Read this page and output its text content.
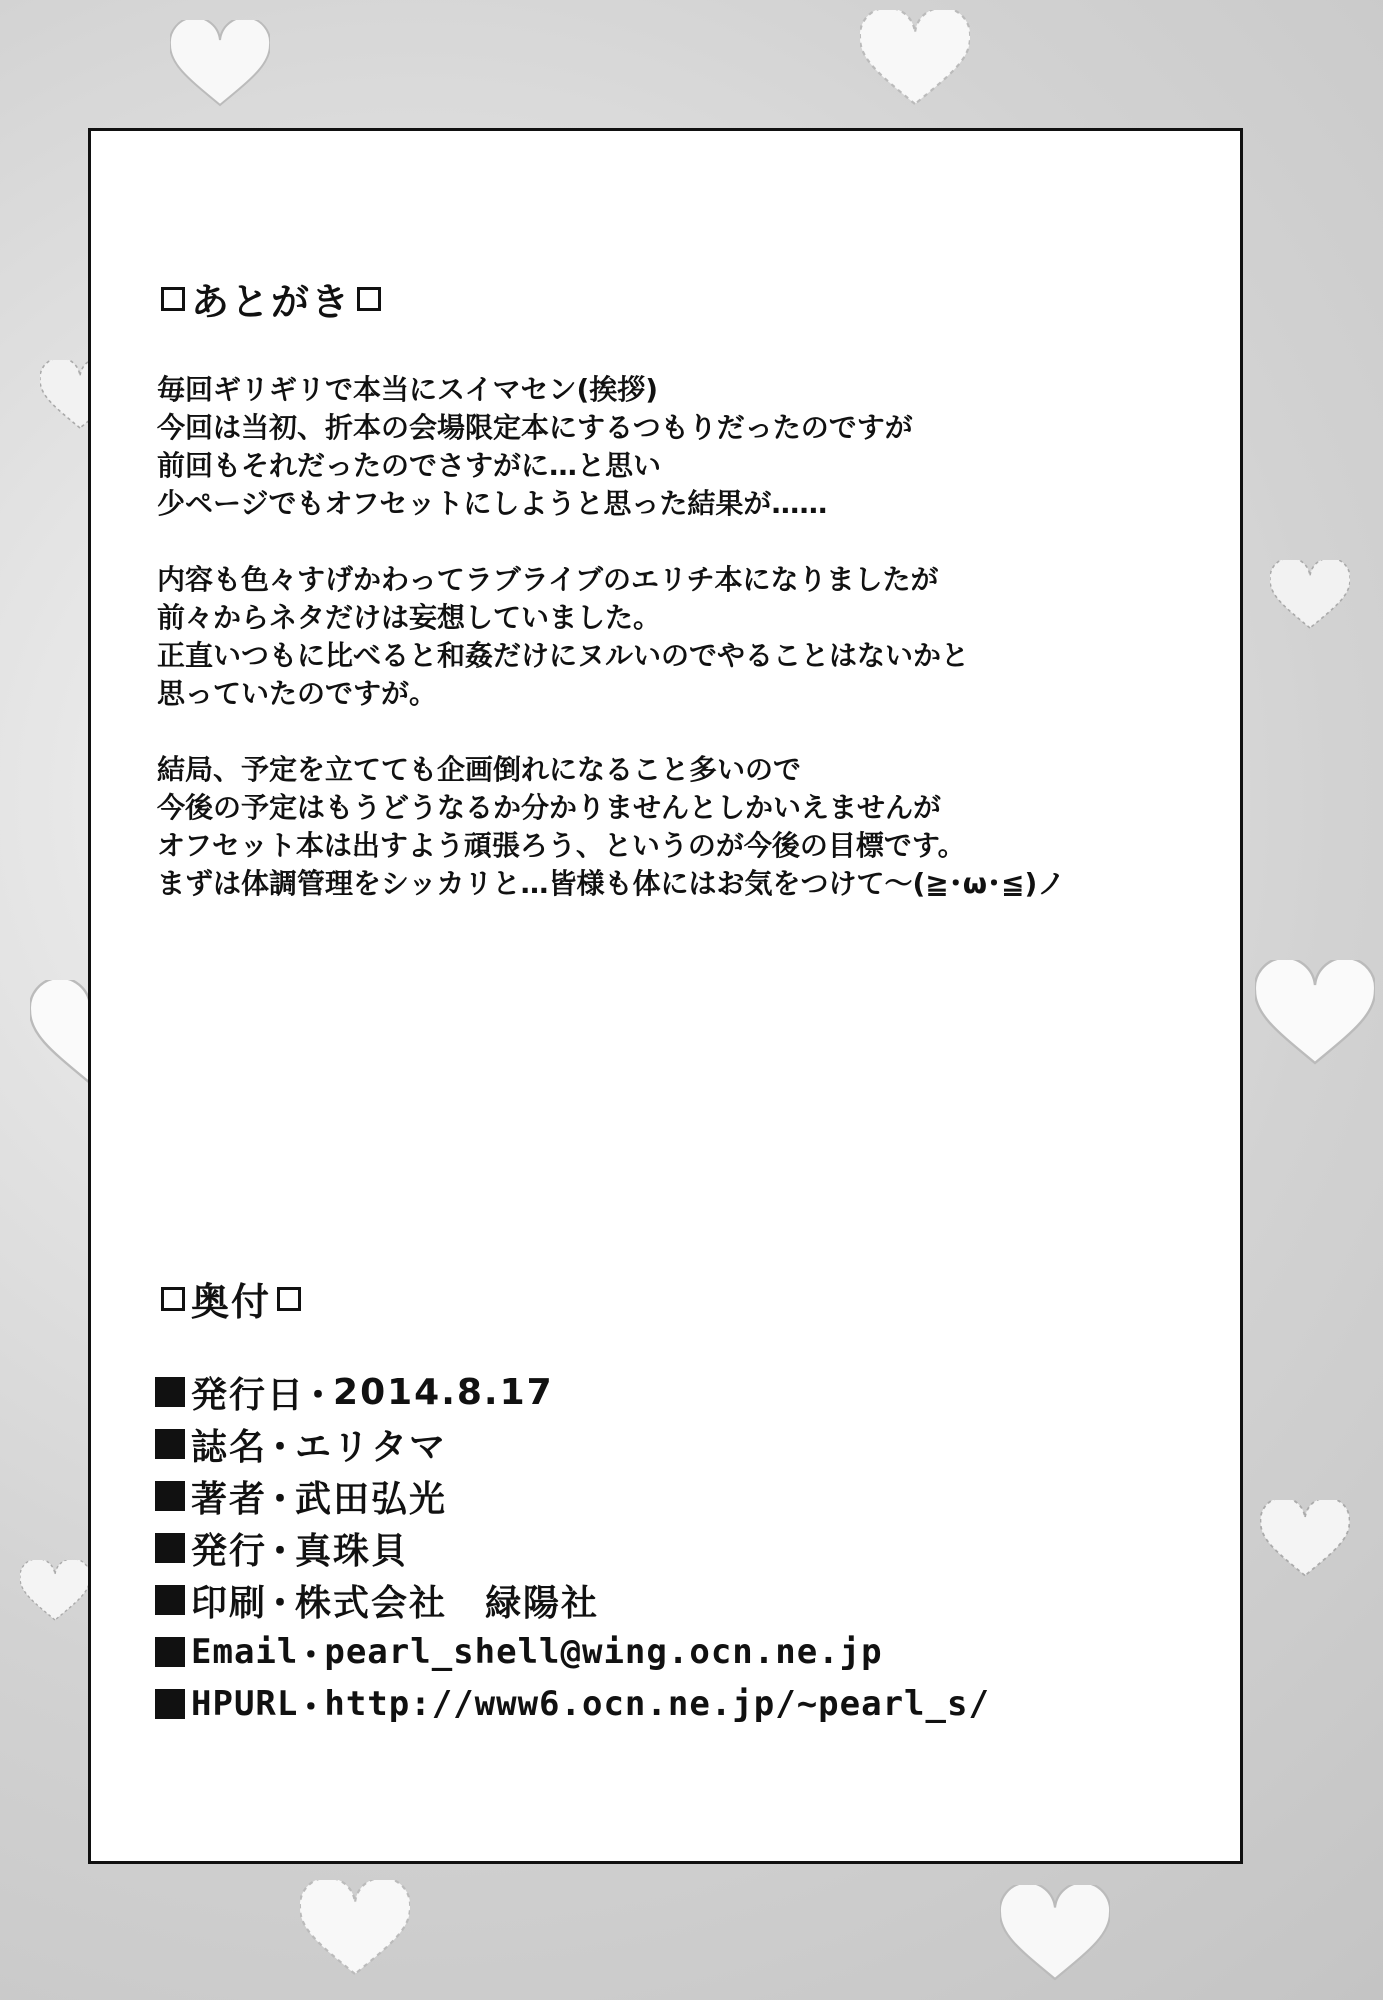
あとがき

毎回ギリギリで本当にスイマセン(挨拶)

今回は当初、折本の会場限定本にするつもりだったのですが

前回もそれだったのでさすがに…と思い

少ページでもオフセットにしようと思った結果が……

内容も色々すげかわってラブライブのエリチ本になりましたが

前々からネタだけは妄想していました。

正直いつもに比べると和姦だけにヌルいのでやることはないかと

思っていたのですが。

結局、予定を立てても企画倒れになること多いので

今後の予定はもうどうなるか分かりませんとしかいえませんが

オフセット本は出すよう頑張ろう、というのが今後の目標です。

まずは体調管理をシッカリと…皆様も体にはお気をつけて〜(≧･ω･≦)ノ

奥付
発行日 ･ 2014.8.17
誌名 ･ エリタマ
著者 ･ 武田弘光
発行 ･ 真珠貝
印刷 ･ 株式会社　緑陽社
Email ･ pearl_shell@wing.ocn.ne.jp
HPURL ･ http://www6.ocn.ne.jp/~pearl_s/
